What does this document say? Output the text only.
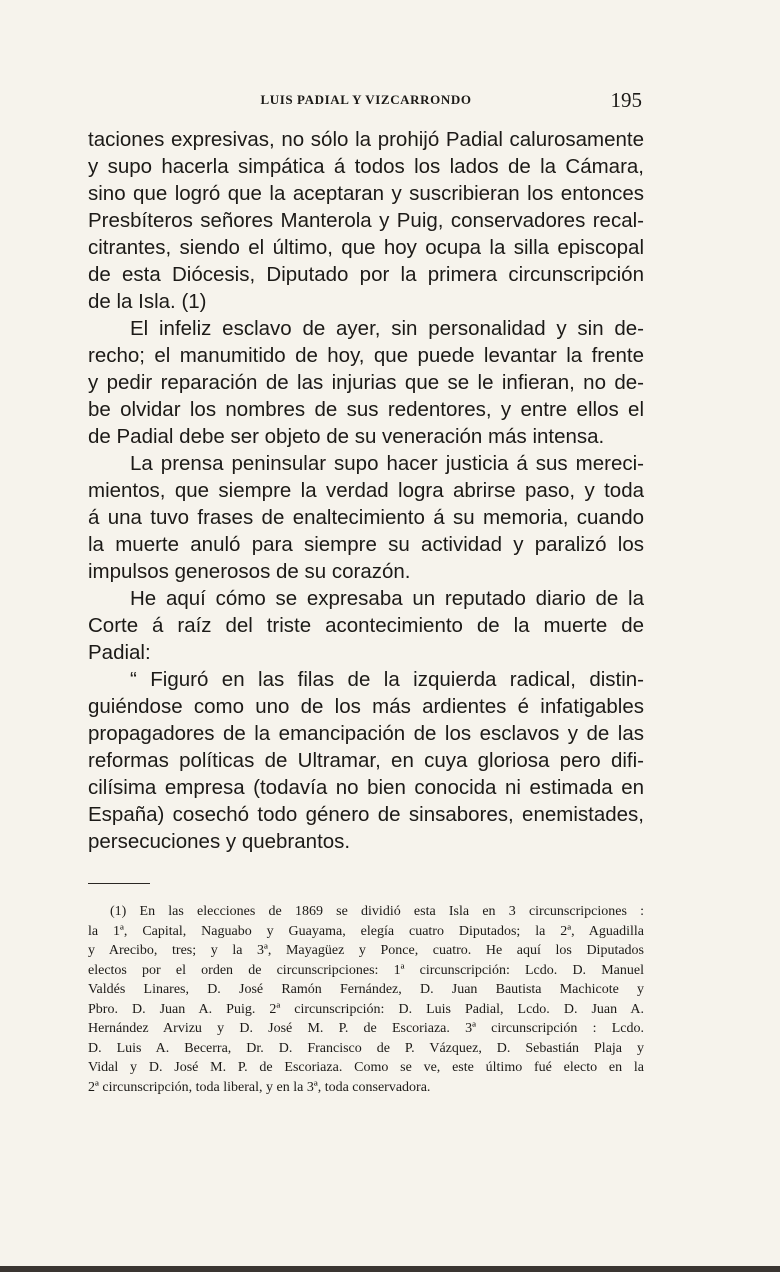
LUIS PADIAL Y VIZCARRONDO	195

taciones expresivas, no sólo la prohijó Padial calurosamente
y supo hacerla simpática á todos los lados de la Cámara,
sino que logró que la aceptaran y suscribieran los entonces
Presbíteros señores Manterola y Puig, conservadores recal-
citrantes, siendo el último, que hoy ocupa la silla episcopal
de esta Diócesis, Diputado por la primera circunscripción
de la Isla. (1)

El infeliz esclavo de ayer, sin personalidad y sin de-
recho; el manumitido de hoy, que puede levantar la frente
y pedir reparación de las injurias que se le infieran, no de-
be olvidar los nombres de sus redentores, y entre ellos el
de Padial debe ser objeto de su veneración más intensa.

La prensa peninsular supo hacer justicia á sus mereci-
mientos, que siempre la verdad logra abrirse paso, y toda
á una tuvo frases de enaltecimiento á su memoria, cuando
la muerte anuló para siempre su actividad y paralizó los
impulsos generosos de su corazón.

He aquí cómo se expresaba un reputado diario de la
Corte á raíz del triste acontecimiento de la muerte de
Padial:

“ Figuró en las filas de la izquierda radical, distin-
guiéndose como uno de los más ardientes é infatigables
propagadores de la emancipación de los esclavos y de las
reformas políticas de Ultramar, en cuya gloriosa pero difi-
cilísima empresa (todavía no bien conocida ni estimada en
España) cosechó todo género de sinsabores, enemistades,
persecuciones y quebrantos.

(1) En las elecciones de 1869 se dividió esta Isla en 3 circunscripciones :
la 1ª, Capital, Naguabo y Guayama, elegía cuatro Diputados; la 2ª, Aguadilla
y Arecibo, tres; y la 3ª, Mayagüez y Ponce, cuatro. He aquí los Diputados
electos por el orden de circunscripciones: 1ª circunscripción: Lcdo. D. Manuel
Valdés Linares, D. José Ramón Fernández, D. Juan Bautista Machicote y
Pbro. D. Juan A. Puig. 2ª circunscripción: D. Luis Padial, Lcdo. D. Juan A.
Hernández Arvizu y D. José M. P. de Escoriaza. 3ª circunscripción : Lcdo.
D. Luis A. Becerra, Dr. D. Francisco de P. Vázquez, D. Sebastián Plaja y
Vidal y D. José M. P. de Escoriaza. Como se ve, este último fué electo en la
2ª circunscripción, toda liberal, y en la 3ª, toda conservadora.
